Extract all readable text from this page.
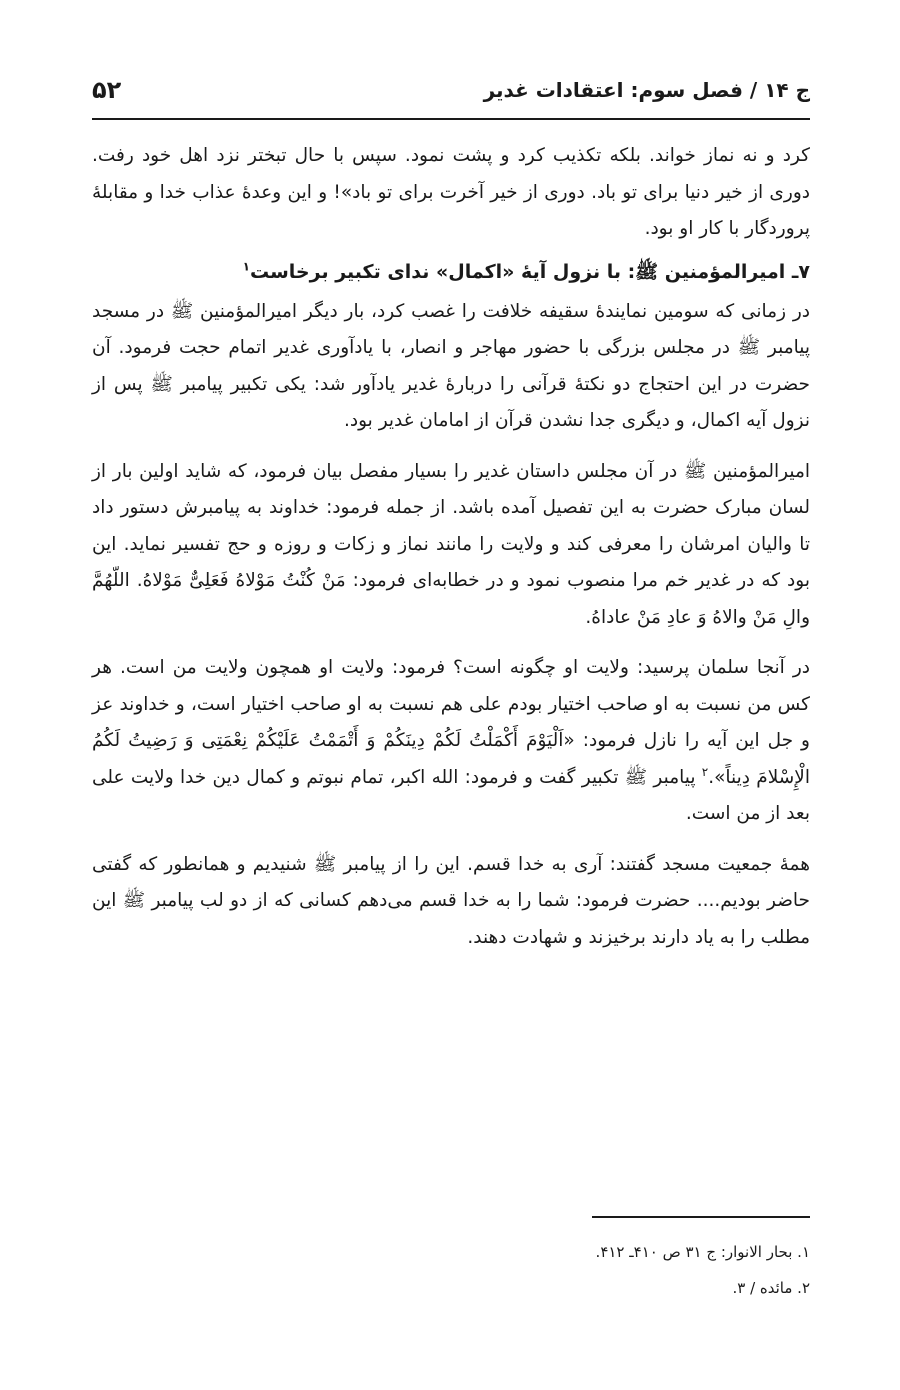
ج ۱۴ / فصل سوم: اعتقادات غدیر
۵۲

کرد و نه نماز خواند. بلکه تکذیب کرد و پشت نمود. سپس با حال تبختر نزد اهل خود رفت. دوری از خیر دنیا برای تو باد. دوری از خیر آخرت برای تو باد»! و این وعدهٔ عذاب خدا و مقابلهٔ پروردگار با کار او بود.

۷ـ امیرالمؤمنین ﷺ: با نزول آیهٔ «اکمال» ندای تکبیر برخاست$^۱$

در زمانی که سومین نمایندهٔ سقیفه خلافت را غصب کرد، بار دیگر امیرالمؤمنین ﷺ در مسجد پیامبر ﷺ در مجلس بزرگی با حضور مهاجر و انصار، با یادآوری غدیر اتمام حجت فرمود. آن حضرت در این احتجاج دو نکتهٔ قرآنی را دربارهٔ غدیر یادآور شد: یکی تکبیر پیامبر ﷺ پس از نزول آیه اکمال، و دیگری جدا نشدن قرآن از امامان غدیر بود.

امیرالمؤمنین ﷺ در آن مجلس داستان غدیر را بسیار مفصل بیان فرمود، که شاید اولین بار از لسان مبارک حضرت به این تفصیل آمده باشد. از جمله فرمود: خداوند به پیامبرش دستور داد تا والیان امرشان را معرفی کند و ولایت را مانند نماز و زکات و روزه و حج تفسیر نماید. این بود که در غدیر خم مرا منصوب نمود و در خطابه‌ای فرمود: مَنْ کُنْتُ مَوْلاهُ فَعَلِیٌّ مَوْلاهُ. اللّهُمَّ والِ مَنْ والاهُ وَ عادِ مَنْ عاداهُ.

در آنجا سلمان پرسید: ولایت او چگونه است؟ فرمود: ولایت او همچون ولایت من است. هر کس من نسبت به او صاحب اختیار بودم علی هم نسبت به او صاحب اختیار است، و خداوند عز و جل این آیه را نازل فرمود: «اَلْیَوْمَ أَکْمَلْتُ لَکُمْ دِینَکُمْ وَ أَتْمَمْتُ عَلَیْکُمْ نِعْمَتِی وَ رَضِیتُ لَکُمُ الْإِسْلامَ دِیناً».$^۲$ پیامبر ﷺ تکبیر گفت و فرمود: الله اکبر، تمام نبوتم و کمال دین خدا ولایت علی بعد از من است.

همهٔ جمعیت مسجد گفتند: آری به خدا قسم. این را از پیامبر ﷺ شنیدیم و همانطور که گفتی حاضر بودیم.... حضرت فرمود: شما را به خدا قسم می‌دهم کسانی که از دو لب پیامبر ﷺ این مطلب را به یاد دارند برخیزند و شهادت دهند.

۱. بحار الانوار: ج ۳۱ ص ۴۱۰ـ ۴۱۲.

۲. مائده / ۳.
